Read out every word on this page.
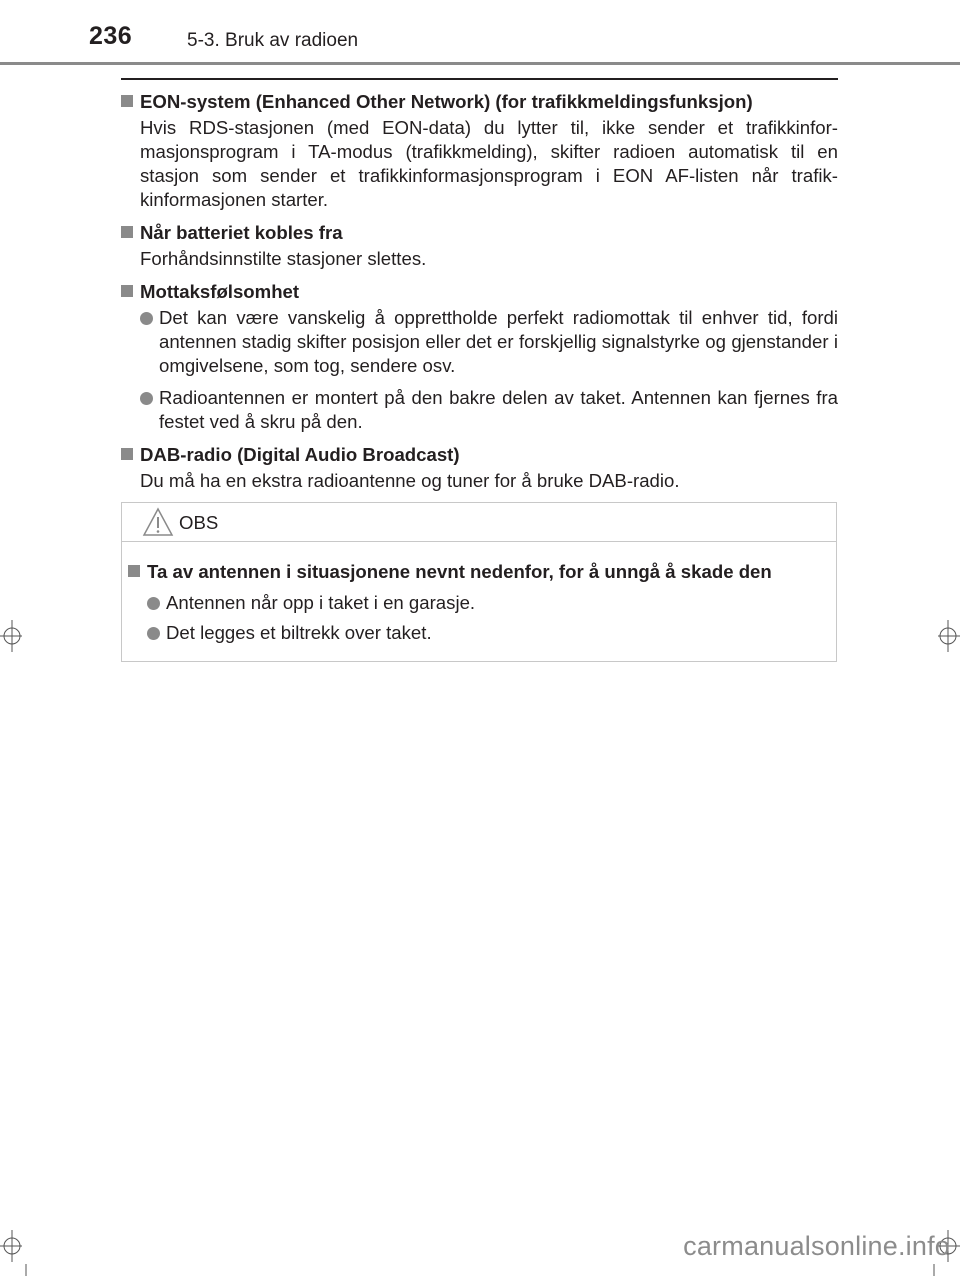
236	5-3. Bruk av radioen
EON-system (Enhanced Other Network) (for trafikkmeldingsfunksjon)
Hvis RDS-stasjonen (med EON-data) du lytter til, ikke sender et trafikkinformasjonsprogram i TA-modus (trafikkmelding), skifter radioen automatisk til en stasjon som sender et trafikkinformasjonsprogram i EON AF-listen når trafikkinformasjonen starter.
Når batteriet kobles fra
Forhåndsinnstilte stasjoner slettes.
Mottaksfølsomhet
Det kan være vanskelig å opprettholde perfekt radiomottak til enhver tid, fordi antennen stadig skifter posisjon eller det er forskjellig signalstyrke og gjenstander i omgivelsene, som tog, sendere osv.
Radioantennen er montert på den bakre delen av taket. Antennen kan fjernes fra festet ved å skru på den.
DAB-radio (Digital Audio Broadcast)
Du må ha en ekstra radioantenne og tuner for å bruke DAB-radio.
OBS
Ta av antennen i situasjonene nevnt nedenfor, for å unngå å skade den
Antennen når opp i taket i en garasje.
Det legges et biltrekk over taket.
carmanualsonline.info
